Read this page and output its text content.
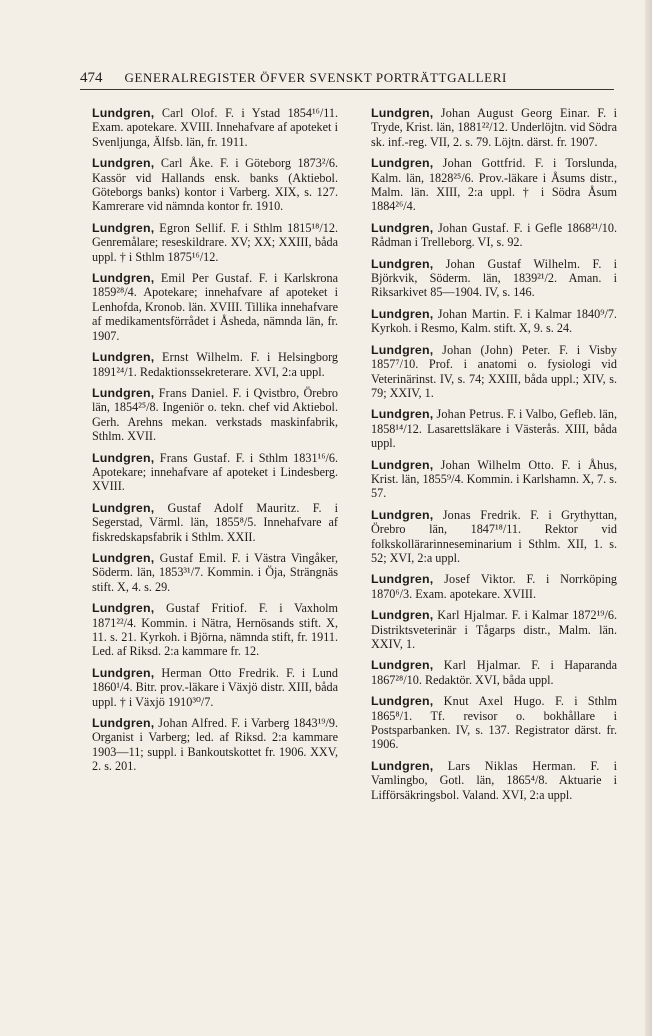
474 GENERALREGISTER ÖFVER SVENSKT PORTRÄTTGALLERI

Lundgren, Carl Olof. F. i Ystad 1854¹⁶/11. Exam. apotekare. XVIII. Innehafvare af apoteket i Svenljunga, Älfsb. län, fr. 1911.

Lundgren, Carl Åke. F. i Göteborg 1873²/6. Kassör vid Hallands ensk. banks (Aktiebol. Göteborgs banks) kontor i Varberg. XIX, s. 127. Kamrerare vid nämnda kontor fr. 1910.

Lundgren, Egron Sellif. F. i Sthlm 1815¹⁸/12. Genremålare; reseskildrare. XV; XX; XXIII, båda uppl. † i Sthlm 1875¹⁶/12.

Lundgren, Emil Per Gustaf. F. i Karlskrona 1859²⁸/4. Apotekare; innehafvare af apoteket i Lenhofda, Kronob. län. XVIII. Tillika innehafvare af medikamentsförrådet i Åsheda, nämnda län, fr. 1907.

Lundgren, Ernst Wilhelm. F. i Helsingborg 1891²⁴/1. Redaktionssekreterare. XVI, 2:a uppl.

Lundgren, Frans Daniel. F. i Qvistbro, Örebro län, 1854²⁵/8. Ingeniör o. tekn. chef vid Aktiebol. Gerh. Arehns mekan. verkstads maskinfabrik, Sthlm. XVII.

Lundgren, Frans Gustaf. F. i Sthlm 1831¹⁶/6. Apotekare; innehafvare af apoteket i Lindesberg. XVIII.

Lundgren, Gustaf Adolf Mauritz. F. i Segerstad, Värml. län, 1855⁸/5. Innehafvare af fiskredskapsfabrik i Sthlm. XXII.

Lundgren, Gustaf Emil. F. i Västra Vingåker, Söderm. län, 1853³¹/7. Kommin. i Öja, Strängnäs stift. X, 4. s. 29.

Lundgren, Gustaf Fritiof. F. i Vaxholm 1871²²/4. Kommin. i Nätra, Hernösands stift. X, 11. s. 21. Kyrkoh. i Björna, nämnda stift, fr. 1911. Led. af Riksd. 2:a kammare fr. 12.

Lundgren, Herman Otto Fredrik. F. i Lund 1860¹/4. Bitr. prov.-läkare i Växjö distr. XIII, båda uppl. † i Växjö 1910³⁰/7.

Lundgren, Johan Alfred. F. i Varberg 1843¹⁹/9. Organist i Varberg; led. af Riksd. 2:a kammare 1903—11; suppl. i Bankoutskottet fr. 1906. XXV, 2. s. 201.

Lundgren, Johan August Georg Einar. F. i Tryde, Krist. län, 1881²²/12. Underlöjtn. vid Södra sk. inf.-reg. VII, 2. s. 79. Löjtn. därst. fr. 1907.

Lundgren, Johan Gottfrid. F. i Torslunda, Kalm. län, 1828²⁵/6. Prov.-läkare i Åsums distr., Malm. län. XIII, 2:a uppl. † i Södra Åsum 1884²⁶/4.

Lundgren, Johan Gustaf. F. i Gefle 1868²¹/10. Rådman i Trelleborg. VI, s. 92.

Lundgren, Johan Gustaf Wilhelm. F. i Björkvik, Söderm. län, 1839²¹/2. Aman. i Riksarkivet 85—1904. IV, s. 146.

Lundgren, Johan Martin. F. i Kalmar 1840⁹/7. Kyrkoh. i Resmo, Kalm. stift. X, 9. s. 24.

Lundgren, Johan (John) Peter. F. i Visby 1857⁷/10. Prof. i anatomi o. fysiologi vid Veterinärinst. IV, s. 74; XXIII, båda uppl.; XIV, s. 79; XXIV, 1.

Lundgren, Johan Petrus. F. i Valbo, Gefleb. län, 1858¹⁴/12. Lasarettsläkare i Västerås. XIII, båda uppl.

Lundgren, Johan Wilhelm Otto. F. i Åhus, Krist. län, 1855⁹/4. Kommin. i Karlshamn. X, 7. s. 57.

Lundgren, Jonas Fredrik. F. i Grythyttan, Örebro län, 1847¹⁸/11. Rektor vid folkskollärarinneseminarium i Sthlm. XII, 1. s. 52; XVI, 2:a uppl.

Lundgren, Josef Viktor. F. i Norrköping 1870⁶/3. Exam. apotekare. XVIII.

Lundgren, Karl Hjalmar. F. i Kalmar 1872¹⁹/6. Distriktsveterinär i Tågarps distr., Malm. län. XXIV, 1.

Lundgren, Karl Hjalmar. F. i Haparanda 1867²⁸/10. Redaktör. XVI, båda uppl.

Lundgren, Knut Axel Hugo. F. i Sthlm 1865⁸/1. Tf. revisor o. bokhållare i Postsparbanken. IV, s. 137. Registrator därst. fr. 1906.

Lundgren, Lars Niklas Herman. F. i Vamlingbo, Gotl. län, 1865⁴/8. Aktuarie i Lifförsäkringsbol. Valand. XVI, 2:a uppl.
